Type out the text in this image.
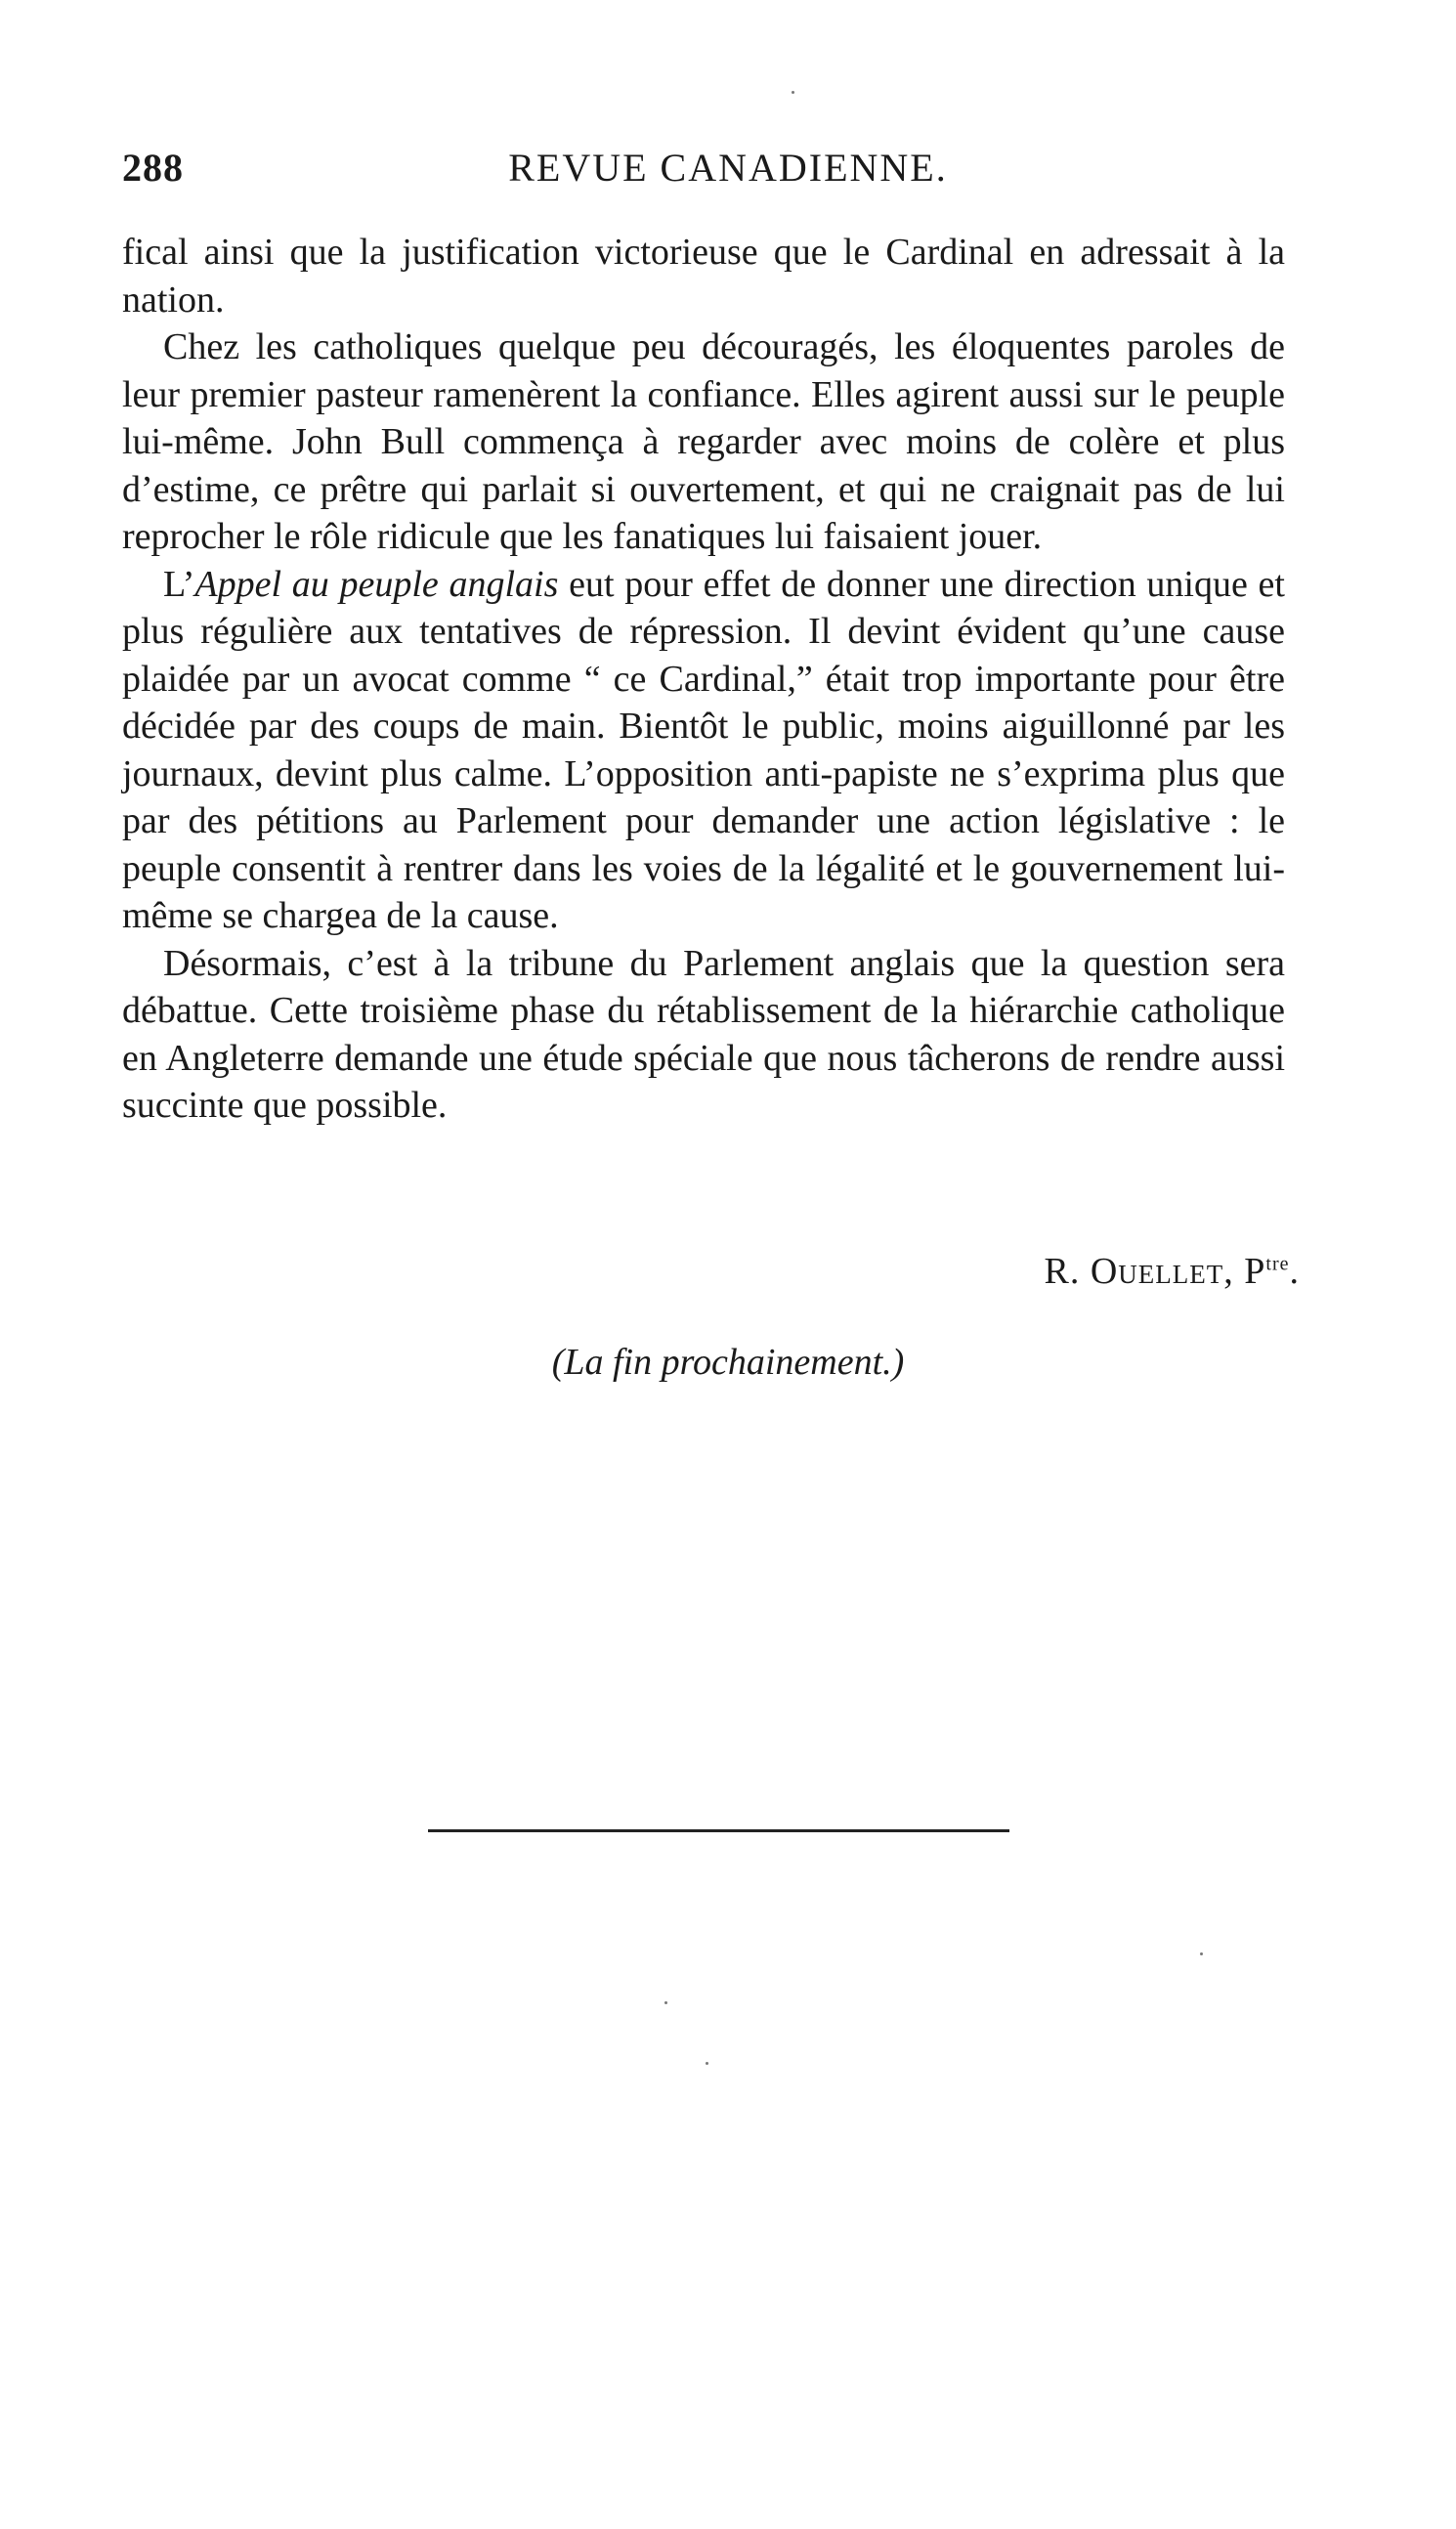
288	REVUE CANADIENNE.

fical ainsi que la justification victorieuse que le Cardinal en adressait à la nation.

Chez les catholiques quelque peu découragés, les éloquentes paroles de leur premier pasteur ramenèrent la confiance. Elles agirent aussi sur le peuple lui-même. John Bull commença à regarder avec moins de colère et plus d’estime, ce prêtre qui parlait si ouvertement, et qui ne craignait pas de lui reprocher le rôle ridicule que les fanatiques lui faisaient jouer.

L’Appel au peuple anglais eut pour effet de donner une direction unique et plus régulière aux tentatives de répression. Il devint évident qu’une cause plaidée par un avocat comme “ ce Cardinal,” était trop importante pour être décidée par des coups de main. Bientôt le public, moins aiguillonné par les journaux, devint plus calme. L’opposition anti-papiste ne s’exprima plus que par des pétitions au Parlement pour demander une action législative : le peuple consentit à rentrer dans les voies de la légalité et le gouvernement lui-même se chargea de la cause.

Désormais, c’est à la tribune du Parlement anglais que la question sera débattue. Cette troisième phase du rétablissement de la hiérarchie catholique en Angleterre demande une étude spéciale que nous tâcherons de rendre aussi succinte que possible.

R. Ouellet, $P^{tre}$.
(La fin prochainement.)
